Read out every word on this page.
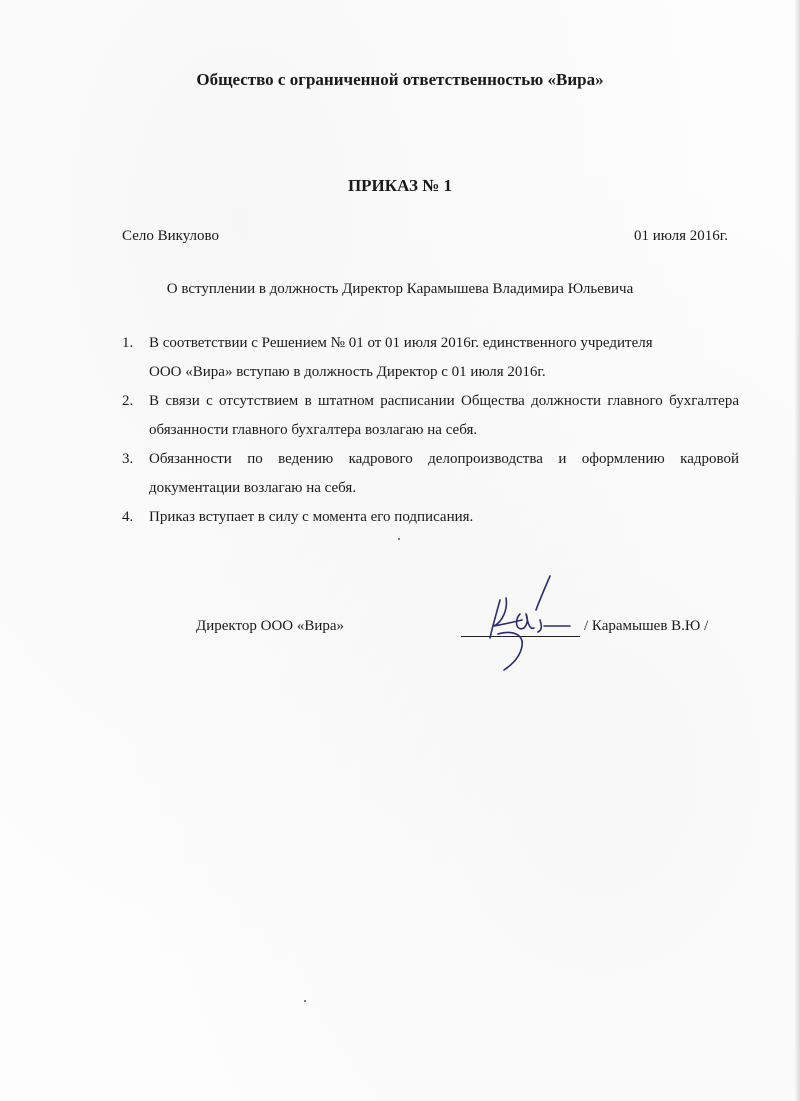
Общество с ограниченной ответственностью «Вира»
ПРИКАЗ № 1
Село Викулово	01 июля 2016г.
О вступлении в должность Директор Карамышева Владимира Юльевича
1.	В соответствии с Решением № 01 от 01 июля 2016г. единственного учредителя
ООО «Вира» вступаю в должность Директор с 01 июля 2016г.
2.	В связи с отсутствием в штатном расписании Общества должности главного бухгалтера обязанности главного бухгалтера возлагаю на себя.
3.	Обязанности по ведению кадрового делопроизводства и оформлению кадровой документации возлагаю на себя.
4.	Приказ вступает в силу с момента его подписания.
Директор ООО «Вира»	/ Карамышев В.Ю /
